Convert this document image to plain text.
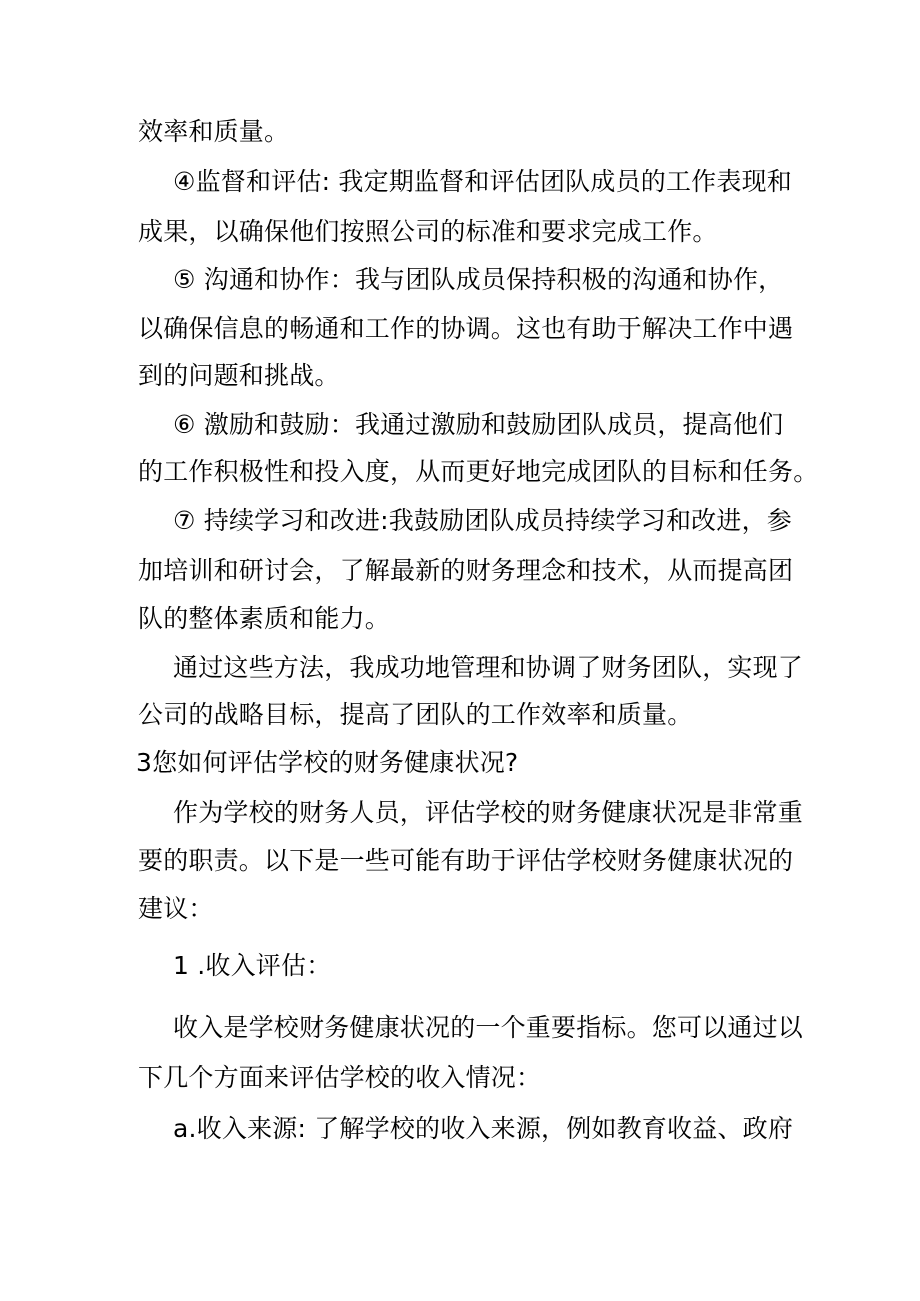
效率和质量。
④监督和评估: 我定期监督和评估团队成员的工作表现和
成果，以确保他们按照公司的标准和要求完成工作。
⑤ 沟通和协作：我与团队成员保持积极的沟通和协作，
以确保信息的畅通和工作的协调。这也有助于解决工作中遇
到的问题和挑战。
⑥ 激励和鼓励：我通过激励和鼓励团队成员，提高他们
的工作积极性和投入度，从而更好地完成团队的目标和任务。
⑦ 持续学习和改进:我鼓励团队成员持续学习和改进，参
加培训和研讨会，了解最新的财务理念和技术，从而提高团
队的整体素质和能力。
通过这些方法，我成功地管理和协调了财务团队，实现了
公司的战略目标，提高了团队的工作效率和质量。
3您如何评估学校的财务健康状况?
作为学校的财务人员，评估学校的财务健康状况是非常重
要的职责。以下是一些可能有助于评估学校财务健康状况的
建议：
1 .收入评估：
收入是学校财务健康状况的一个重要指标。您可以通过以
下几个方面来评估学校的收入情况：
a.收入来源: 了解学校的收入来源，例如教育收益、政府
